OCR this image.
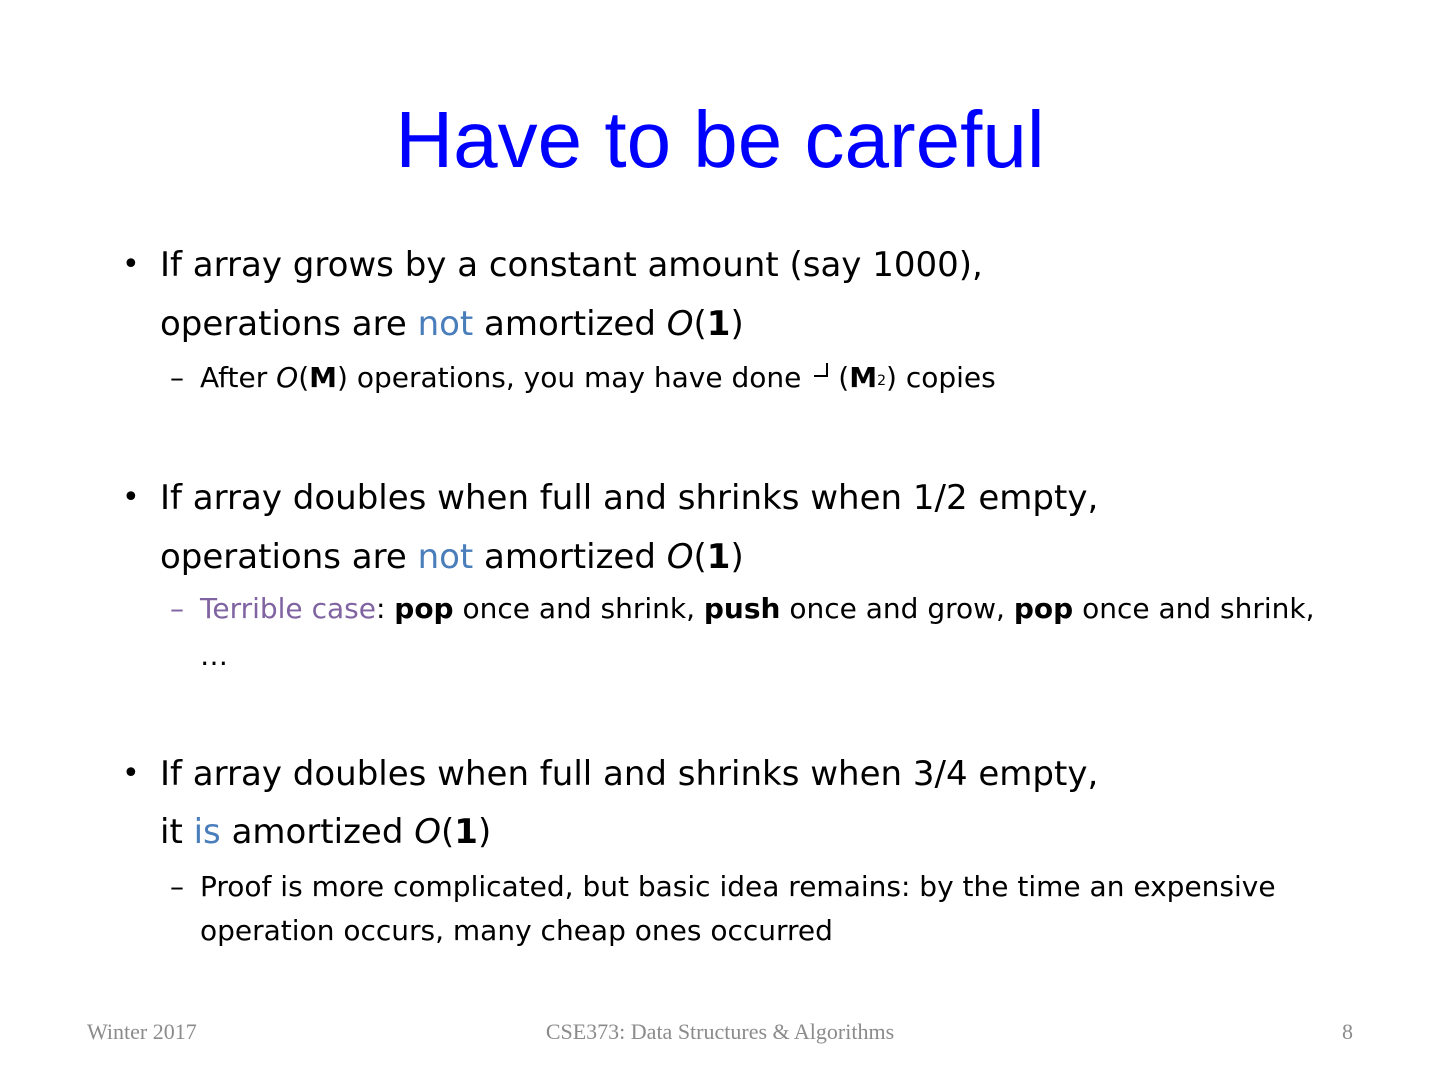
Have to be careful
• If array grows by a constant amount (say 1000),
operations are not amortized O(1)
– After O(M) operations, you may have done (M2) copies
• If array doubles when full and shrinks when 1/2 empty,
operations are not amortized O(1)
– Terrible case: pop once and shrink, push once and grow, pop once and shrink,
…
• If array doubles when full and shrinks when 3/4 empty,
it is amortized O(1)
– Proof is more complicated, but basic idea remains: by the time an expensive
operation occurs, many cheap ones occurred
Winter 2017	CSE373: Data Structures & Algorithms	8
